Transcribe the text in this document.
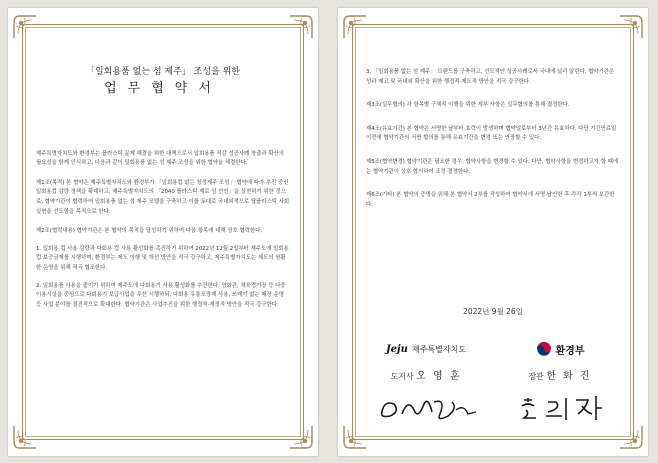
「일회용품 없는 섬 제주」 조성을 위한

업무협약서

제주특별자치도와 환경부는 플라스틱 문제 해결을 위한 대책으로서 일회용품 직감 성공사례 창출과 확산의 필요성을 함께 인식하고, 다음과 같이 일회용품 없는 섬 제주 조성을 위한 협약을 체결한다.

제1조(목적) 본 협약은 제주특별자치도와 환경부가 「일회용컵 없는 청정제주 조성」 협약에 따라 추진 중인 일회용컵 감량 정책을 확대하고, 제주특별자치도의 「2040 플라스틱 제로 섬 선언」을 실천하기 위한 것으로, 협약기관이 협력하여 일회용품 없는 섬 제주 모델을 구축하고 이를 토대로 국내외적으로 탈플라스틱 사회 실현을 선도함을 목적으로 한다.

제2조(협력내용) 협약기관은 본 협약의 목적을 달성하기 위하여 다음 항목에 대해 상호 협력한다.

1. 일회용 컵 사용 감량과 다회용 컵 사용 활성화를 촉진하기 위하여 2022년 12월 2일부터 제주도에 일회용 컵 보증금제를 시행하며, 환경부는 제도 이행 및 개선 방안을 적극 강구하고, 제주특별자치도는 제도의 원활한 운영을 위해 적극 협조한다.

2. 일회용품 사용을 줄이기 위하여 제주도에 다회용기 사용 활성화를 추진한다. 영화관, 체육경기장 등 다중이용시설을 중심으로 다회용기 보급사업을 우선 시행하되, 다회용 유통포장재 사용, 쓰레기 없는 매장 운영 등 사업 분야를 점진적으로 확대한다. 협약기관은 사업추진을 위한 행정적·재정적 방안을 적극 강구한다.

3. 「일회용품 없는 섬 제주」 브랜드를 구축하고, 선도적인 성공사례로서 국내에 널리 알린다. 협약기관은 성과 제고 및 국내외 확산을 위한 행정적·제도적 방안을 적극 강구한다.

제3조(실무협의) 각 항목별 구체적 이행을 위한 세부 사항은 실무협의를 통해 결정한다.

제4조(유효기간) 본 협약은 서명한 날부터 효력이 발생하며 협약일로부터 3년간 유효하다. 다만 기간만료일 이전에 협약기관의 서면 합의를 통해 유효기간을 변경 또는 연장할 수 있다.

제5조(협약변경) 협약기관은 필요한 경우, 협약사항을 변경할 수 있다. 다만, 협약사항을 변경하고자 할 때에는 협약기관이 상호 협의하여 조정·결정한다.

제6조(기타) 본 협약의 증명을 위해 본 협약서 2부를 작성하여 협약서에 서명·날인한 후 각각 1부씩 보관한다.

2022년 9월 26일
Jeju 제주특별자치도
도지사 오 영 훈
환경부
장관 한 화 진
